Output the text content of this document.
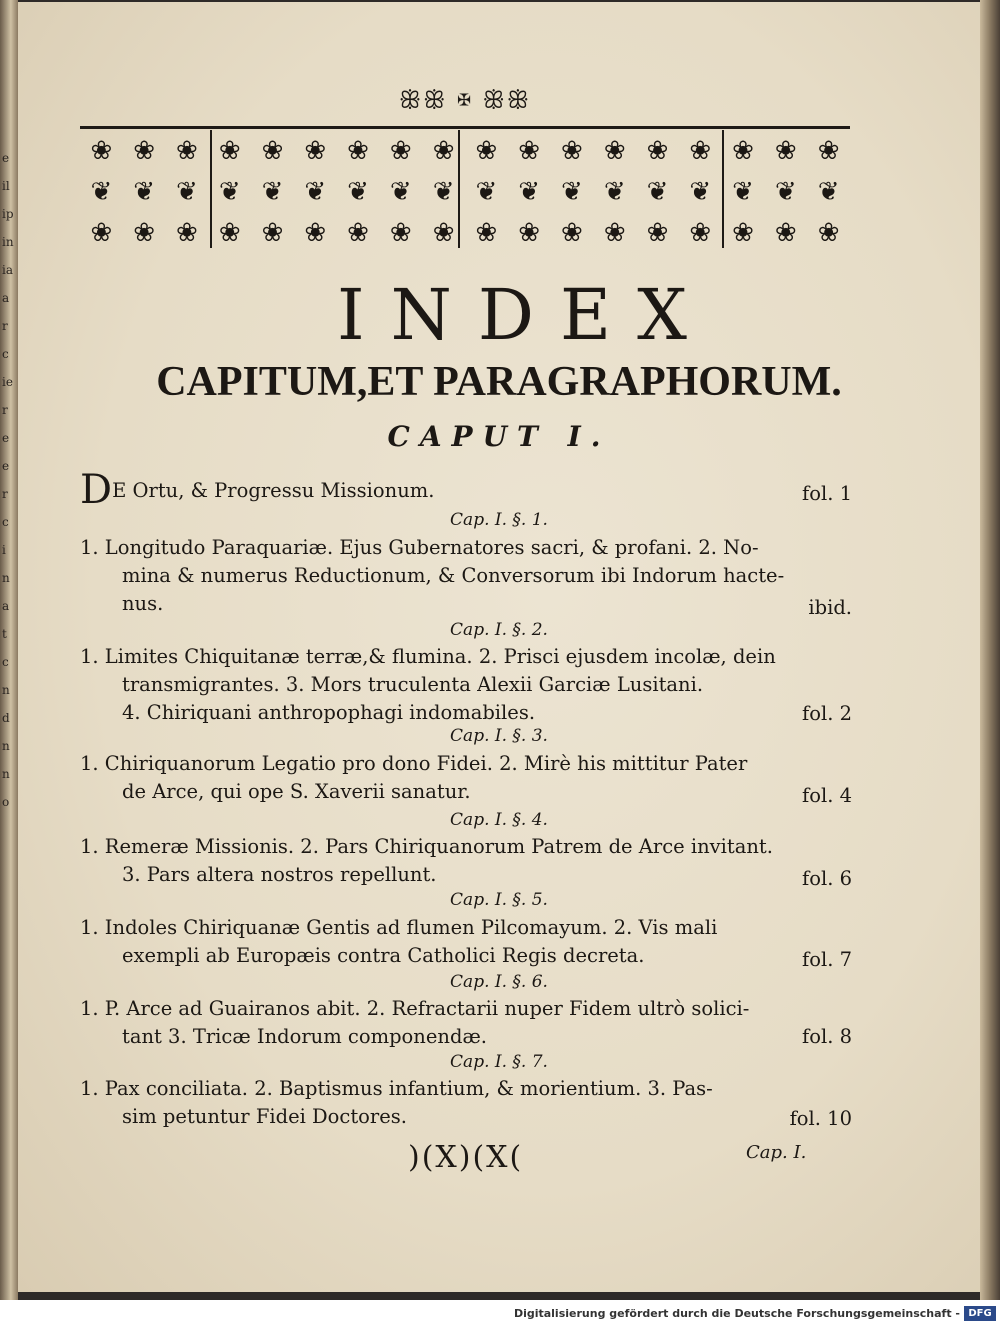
e
il
ip
in
ia
a
r
c
ie
r
e
e
r
c
i
n
a
t
c
n
d
n
n
o
ꕥꕥ ✠ ꕥꕥ
❀ ❀ ❀ ❀ ❀ ❀ ❀ ❀ ❀ ❀ ❀ ❀ ❀ ❀ ❀ ❀ ❀ ❀
❦ ❦ ❦ ❦ ❦ ❦ ❦ ❦ ❦ ❦ ❦ ❦ ❦ ❦ ❦ ❦ ❦ ❦
❀ ❀ ❀ ❀ ❀ ❀ ❀ ❀ ❀ ❀ ❀ ❀ ❀ ❀ ❀ ❀ ❀ ❀
INDEX
CAPITUM,ET PARAGRAPHORUM.
CAPUT I.
DE Ortu, & Progressu Missionum.	fol. 1
Cap. I. §. 1.
1. Longitudo Paraquariæ. Ejus Gubernatores sacri, & profani. 2. No-
mina & numerus Reductionum, & Conversorum ibi Indorum hacte-
nus.	ibid.
Cap. I. §. 2.
1. Limites Chiquitanæ terræ,& flumina. 2. Prisci ejusdem incolæ, dein
transmigrantes. 3. Mors truculenta Alexii Garciæ Lusitani.
4. Chiriquani anthropophagi indomabiles.	fol. 2
Cap. I. §. 3.
1. Chiriquanorum Legatio pro dono Fidei. 2. Mirè his mittitur Pater
de Arce, qui ope S. Xaverii sanatur.	fol. 4
Cap. I. §. 4.
1. Remeræ Missionis. 2. Pars Chiriquanorum Patrem de Arce invitant.
3. Pars altera nostros repellunt.	fol. 6
Cap. I. §. 5.
1. Indoles Chiriquanæ Gentis ad flumen Pilcomayum. 2. Vis mali
exempli ab Europæis contra Catholici Regis decreta.	fol. 7
Cap. I. §. 6.
1. P. Arce ad Guairanos abit. 2. Refractarii nuper Fidem ultrò solici-
tant 3. Tricæ Indorum componendæ.	fol. 8
Cap. I. §. 7.
1. Pax conciliata. 2. Baptismus infantium, & morientium. 3. Pas-
sim petuntur Fidei Doctores.	fol. 10
)(X)(X(	Cap. I.
Digitalisierung gefördert durch die Deutsche Forschungsgemeinschaft - DFG
